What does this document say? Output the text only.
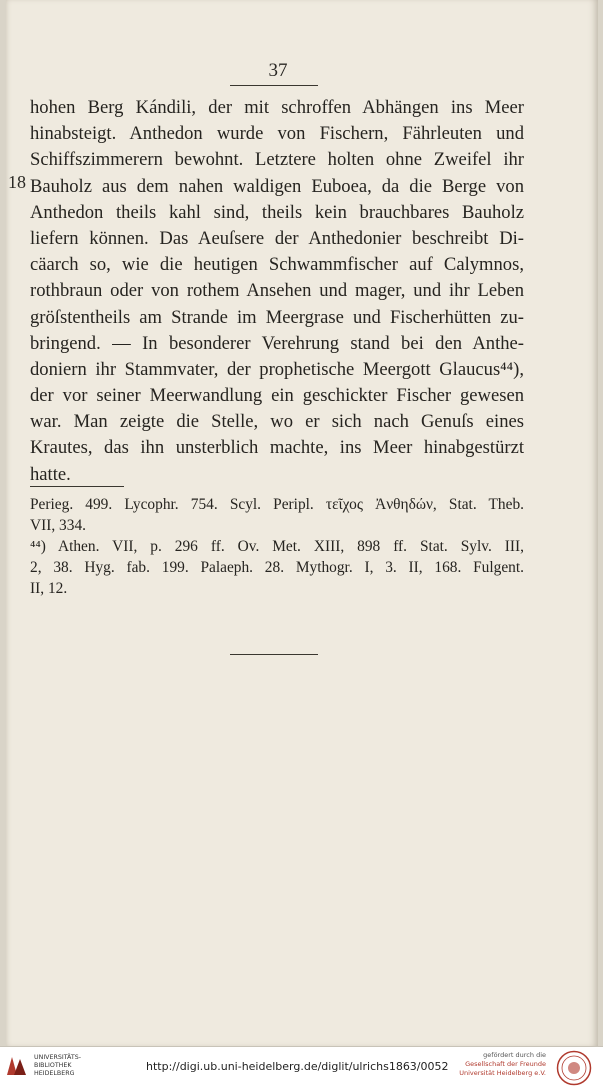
37
18
hohen Berg Kándili, der mit schroffen Abhängen ins Meer
hinabsteigt. Anthedon wurde von Fischern, Fährleuten und
Schiffszimmerern bewohnt. Letztere holten ohne Zweifel ihr
Bauholz aus dem nahen waldigen Euboea, da die Berge von
Anthedon theils kahl sind, theils kein brauchbares Bauholz
liefern können. Das Aeuſsere der Anthedonier beschreibt Di-
cäarch so, wie die heutigen Schwammfischer auf Calymnos,
rothbraun oder von rothem Ansehen und mager, und ihr Leben
gröſstentheils am Strande im Meergrase und Fischerhütten zu-
bringend. — In besonderer Verehrung stand bei den Anthe-
doniern ihr Stammvater, der prophetische Meergott Glaucus⁴⁴),
der vor seiner Meerwandlung ein geschickter Fischer gewesen
war. Man zeigte die Stelle, wo er sich nach Genuſs eines
Krautes, das ihn unsterblich machte, ins Meer hinabgestürzt
hatte.
Perieg. 499. Lycophr. 754. Scyl. Peripl. τεῖχος Ἀνθηδών, Stat. Theb.
VII, 334.
⁴⁴) Athen. VII, p. 296 ff. Ov. Met. XIII, 898 ff. Stat. Sylv. III,
2, 38. Hyg. fab. 199. Palaeph. 28. Mythogr. I, 3. II, 168. Fulgent.
II, 12.
UNIVERSITÄTS-
BIBLIOTHEK
HEIDELBERG
http://digi.ub.uni-heidelberg.de/diglit/ulrichs1863/0052
gefördert durch die
Gesellschaft der Freunde
Universität Heidelberg e.V.
